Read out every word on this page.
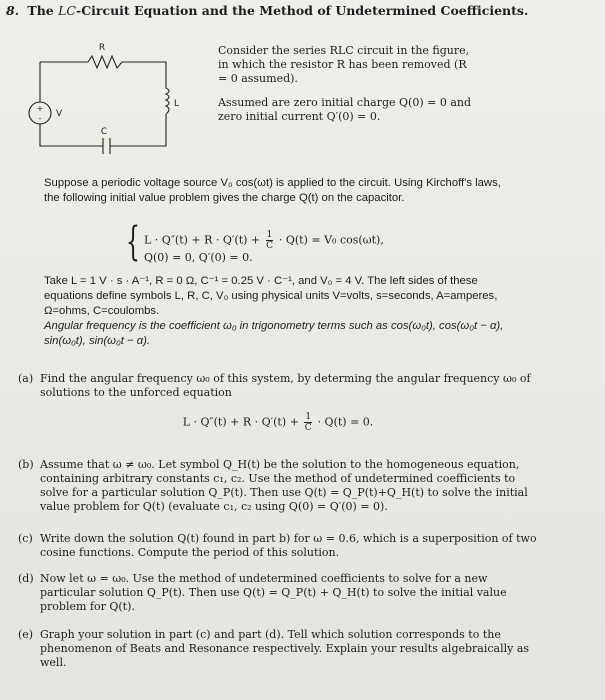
8. The LC-Circuit Equation and the Method of Undetermined Coefficients.
R
L
C
V
+
-

Consider the series RLC circuit in the figure, in which the resistor R has been removed (R = 0 assumed).

Assumed are zero initial charge Q(0) = 0 and zero initial current Q′(0) = 0.

Suppose a periodic voltage source V₀ cos(ωt) is applied to the circuit. Using Kirchoff's laws, the following initial value problem gives the charge Q(t) on the capacitor.
{ $L \cdot Q''(t) + R \cdot Q'(t) + \frac{1}{C} \cdot Q(t) = V_0$ cos(ωt),
Q(0) = 0, Q′(0) = 0.

Take L = 1 V · s · A⁻¹, R = 0 Ω, C⁻¹ = 0.25 V · C⁻¹, and V₀ = 4 V. The left sides of these equations define symbols L, R, C, V₀ using physical units V=volts, s=seconds, A=amperes, Ω=ohms, C=coulombs.

Angular frequency is the coefficient ω₀ in trigonometry terms such as cos(ω₀t), cos(ω₀t − α), sin(ω₀t), sin(ω₀t − α).

(a) Find the angular frequency ω₀ of this system, by determing the angular frequency ω₀ of solutions to the unforced equation
$L \cdot Q''(t) + R \cdot Q'(t) + \frac{1}{C} \cdot Q(t) = 0$.
(b) Assume that ω ≠ ω₀. Let symbol Q_H(t) be the solution to the homogeneous equation, containing arbitrary constants c₁, c₂. Use the method of undetermined coefficients to solve for a particular solution Q_P(t). Then use Q(t) = Q_P(t)+Q_H(t) to solve the initial value problem for Q(t) (evaluate c₁, c₂ using Q(0) = Q′(0) = 0).
(c) Write down the solution Q(t) found in part b) for ω = 0.6, which is a superposition of two cosine functions. Compute the period of this solution.
(d) Now let ω = ω₀. Use the method of undetermined coefficients to solve for a new particular solution Q_P(t). Then use Q(t) = Q_P(t) + Q_H(t) to solve the initial value problem for Q(t).
(e) Graph your solution in part (c) and part (d). Tell which solution corresponds to the phenomenon of Beats and Resonance respectively. Explain your results algebraically as well.
